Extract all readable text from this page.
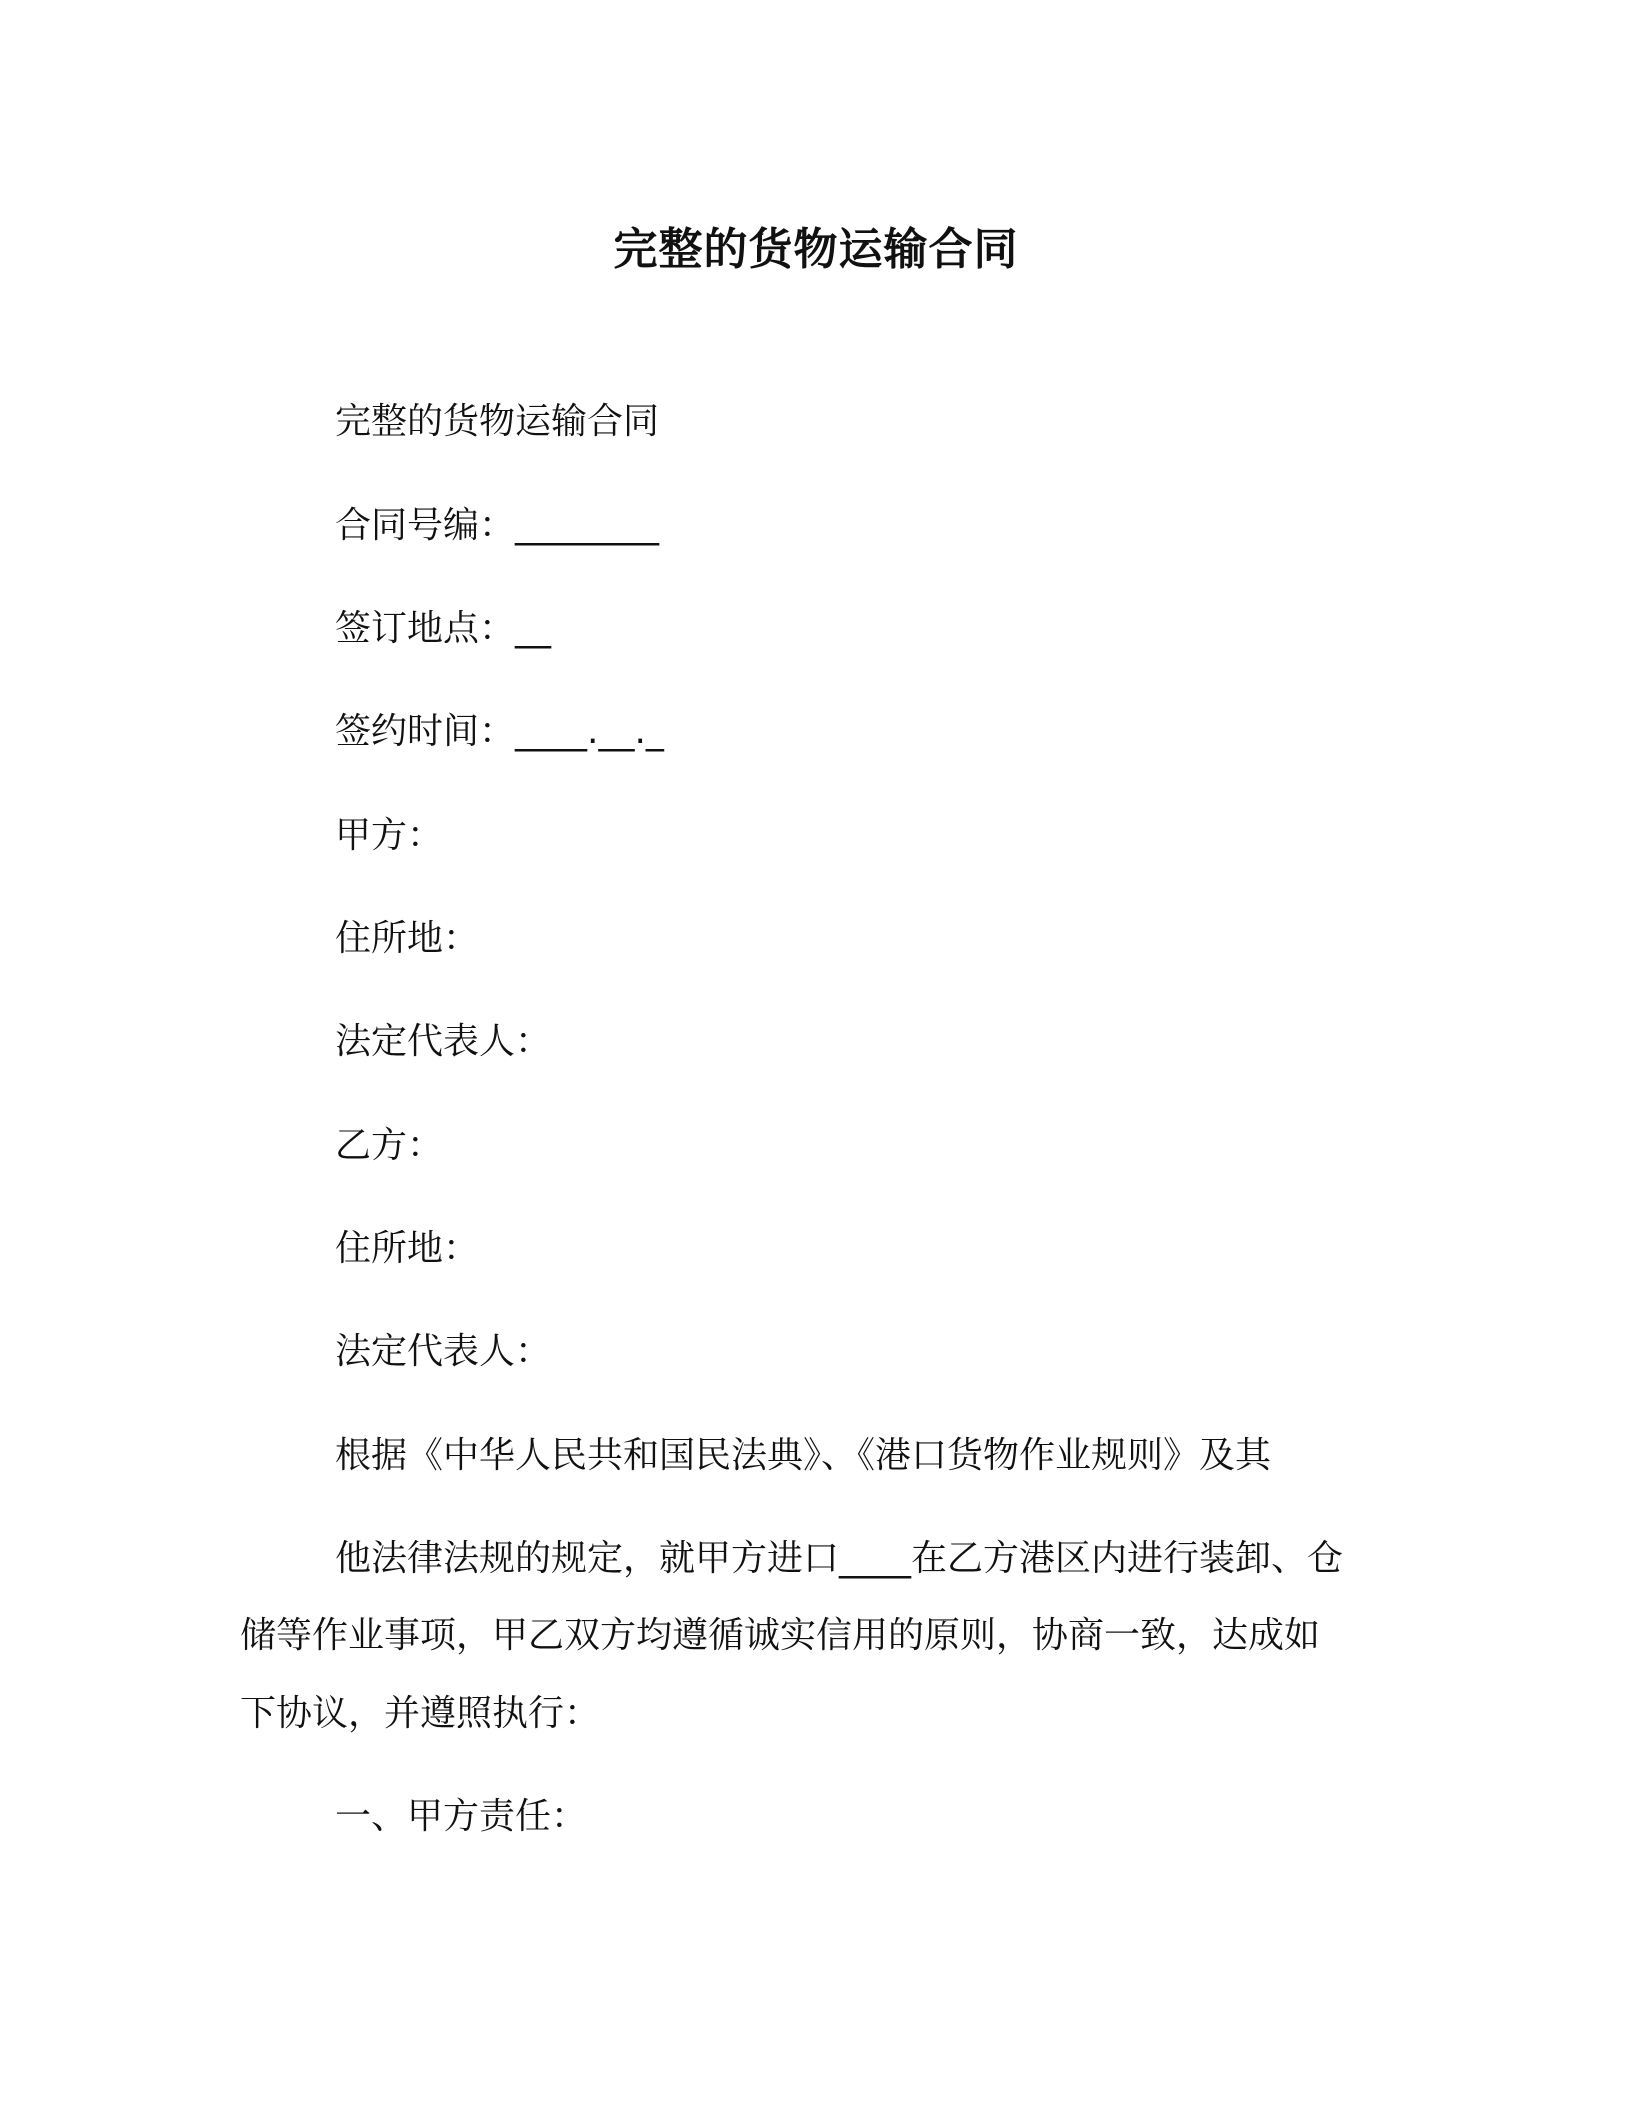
完整的货物运输合同

完整的货物运输合同

合同号编：________

签订地点：__

签约时间：____.__._

甲方：

住所地：

法定代表人：

乙方：

住所地：

法定代表人：

根据《中华人民共和国民法典》、《港口货物作业规则》及其

他法律法规的规定，就甲方进口____在乙方港区内进行装卸、仓

储等作业事项，甲乙双方均遵循诚实信用的原则，协商一致，达成如

下协议，并遵照执行：

一、甲方责任：
